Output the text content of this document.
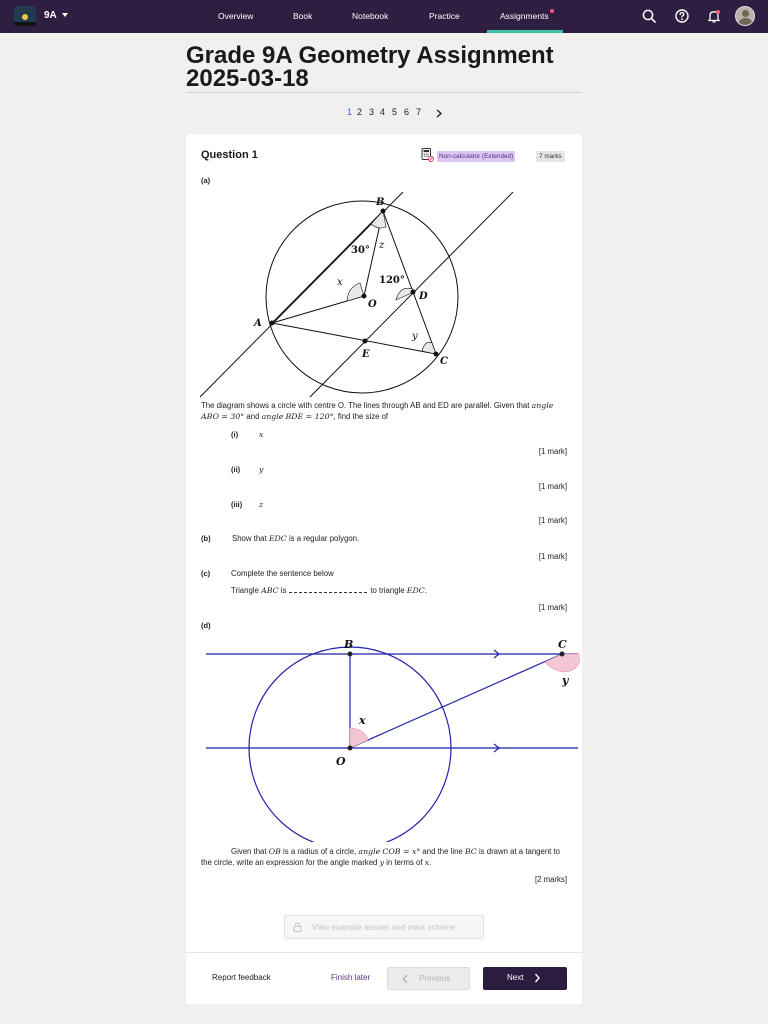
9A	Overview	Book	Notebook	Practice	Assignments
Grade 9A Geometry Assignment 2025-03-18
1 2 3 4 5 6 7
Question 1	Non-calculator (Extended)	7 marks
(a)
B
A
O
D
E
C
x
y
z
30°
120°
The diagram shows a circle with centre O. The lines through AB and ED are parallel. Given that angle ABO = 30° and angle BDE = 120°, find the size of
(i)	x
[1 mark]
(ii) y
[1 mark]
(iii) z
[1 mark]
(b)	Show that EDC is a regular polygon.
[1 mark]
(c)	Complete the sentence below
Triangle ABC is	to triangle EDC.
[1 mark]
(d)
B	C
O
x
y
Given that OB is a radius of a circle, angle COB = x° and the line BC is drawn at a tangent to the circle, write an expression for the angle marked y in terms of x.
[2 marks]
View example answer and mark scheme
Report feedback	Finish later	Previous	Next
